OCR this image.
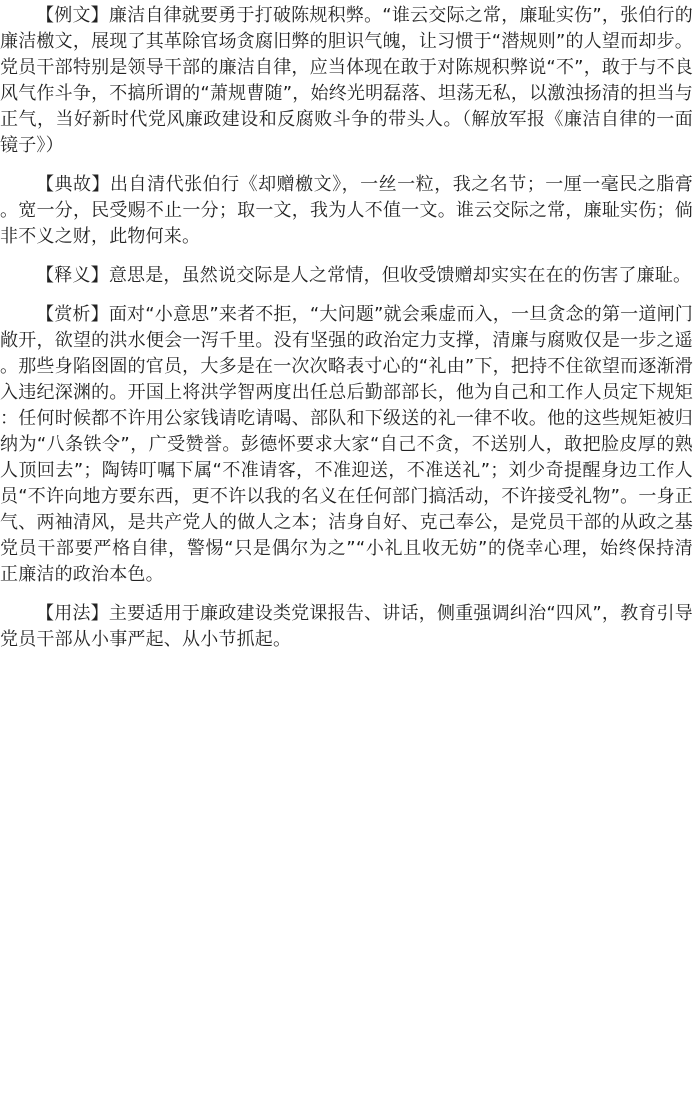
【例文】廉洁自律就要勇于打破陈规积弊。“谁云交际之常，廉耻实伤”，张伯行的廉洁檄文，展现了其革除官场贪腐旧弊的胆识气魄，让习惯于“潜规则”的人望而却步。党员干部特别是领导干部的廉洁自律，应当体现在敢于对陈规积弊说“不”，敢于与不良风气作斗争，不搞所谓的“萧规曹随”，始终光明磊落、坦荡无私，以激浊扬清的担当与正气，当好新时代党风廉政建设和反腐败斗争的带头人。（解放军报《廉洁自律的一面镜子》）

【典故】出自清代张伯行《却赠檄文》，一丝一粒，我之名节；一厘一毫民之脂膏。宽一分，民受赐不止一分；取一文，我为人不值一文。谁云交际之常，廉耻实伤；倘非不义之财，此物何来。

【释义】意思是，虽然说交际是人之常情，但收受馈赠却实实在在的伤害了廉耻。

【赏析】面对“小意思”来者不拒，“大问题”就会乘虚而入，一旦贪念的第一道闸门敞开，欲望的洪水便会一泻千里。没有坚强的政治定力支撑，清廉与腐败仅是一步之遥。那些身陷囹圄的官员，大多是在一次次略表寸心的“礼由”下，把持不住欲望而逐渐滑入违纪深渊的。开国上将洪学智两度出任总后勤部部长，他为自己和工作人员定下规矩：任何时候都不许用公家钱请吃请喝、部队和下级送的礼一律不收。他的这些规矩被归纳为“八条铁令”，广受赞誉。彭德怀要求大家“自己不贪，不送别人，敢把脸皮厚的熟人顶回去”；陶铸叮嘱下属“不准请客，不准迎送，不准送礼”；刘少奇提醒身边工作人员“不许向地方要东西，更不许以我的名义在任何部门搞活动，不许接受礼物”。一身正气、两袖清风，是共产党人的做人之本；洁身自好、克己奉公，是党员干部的从政之基党员干部要严格自律，警惕“只是偶尔为之”“小礼且收无妨”的侥幸心理，始终保持清正廉洁的政治本色。

【用法】主要适用于廉政建设类党课报告、讲话，侧重强调纠治“四风”，教育引导党员干部从小事严起、从小节抓起。
